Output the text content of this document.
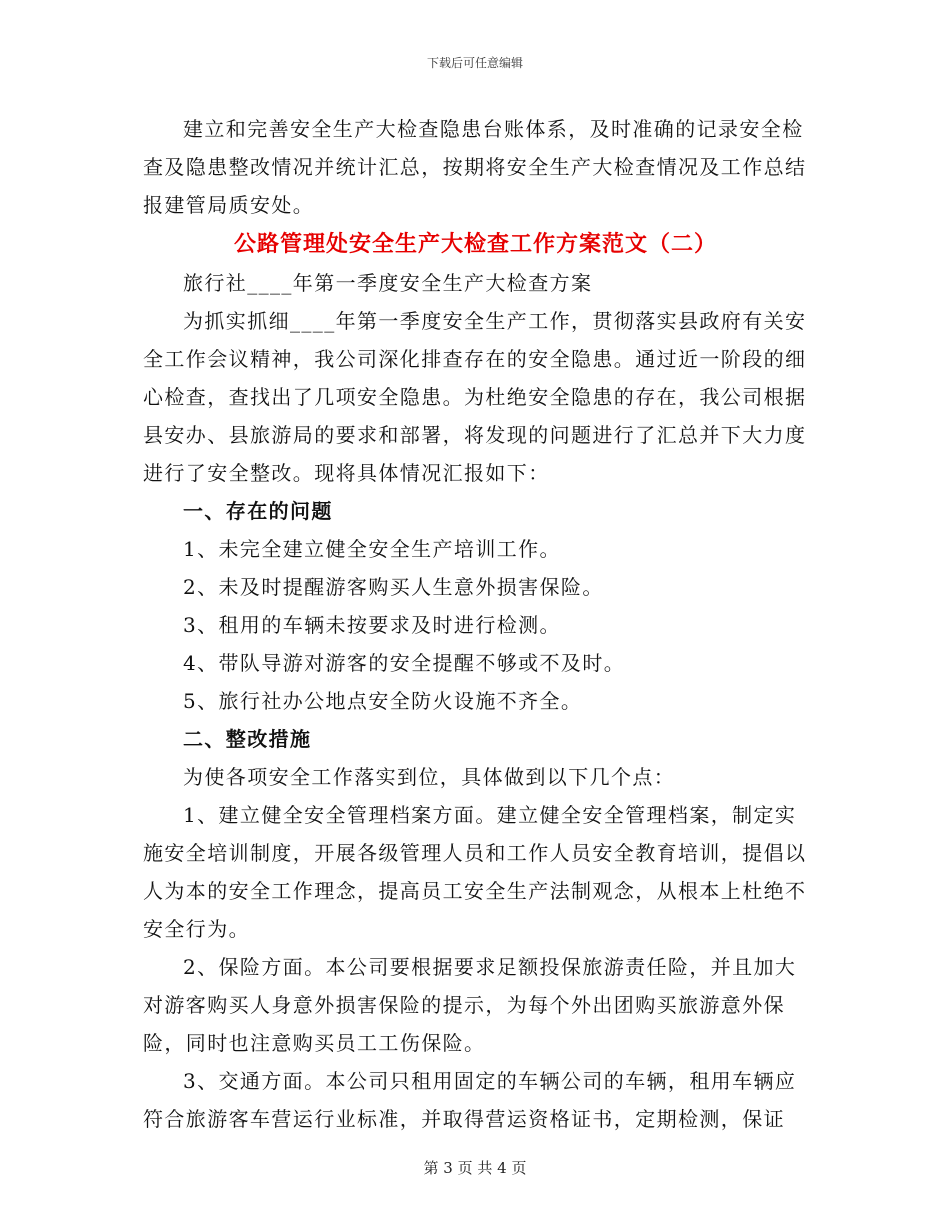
下载后可任意编辑

建立和完善安全生产大检查隐患台账体系，及时准确的记录安全检查及隐患整改情况并统计汇总，按期将安全生产大检查情况及工作总结报建管局质安处。

公路管理处安全生产大检查工作方案范文（二）

旅行社____年第一季度安全生产大检查方案

为抓实抓细____年第一季度安全生产工作，贯彻落实县政府有关安全工作会议精神，我公司深化排查存在的安全隐患。通过近一阶段的细心检查，查找出了几项安全隐患。为杜绝安全隐患的存在，我公司根据县安办、县旅游局的要求和部署，将发现的问题进行了汇总并下大力度进行了安全整改。现将具体情况汇报如下：

一、存在的问题

1、未完全建立健全安全生产培训工作。

2、未及时提醒游客购买人生意外损害保险。

3、租用的车辆未按要求及时进行检测。

4、带队导游对游客的安全提醒不够或不及时。

5、旅行社办公地点安全防火设施不齐全。

二、整改措施

为使各项安全工作落实到位，具体做到以下几个点：

1、建立健全安全管理档案方面。建立健全安全管理档案，制定实施安全培训制度，开展各级管理人员和工作人员安全教育培训，提倡以人为本的安全工作理念，提高员工安全生产法制观念，从根本上杜绝不安全行为。

2、保险方面。本公司要根据要求足额投保旅游责任险，并且加大对游客购买人身意外损害保险的提示，为每个外出团购买旅游意外保险，同时也注意购买员工工伤保险。

3、交通方面。本公司只租用固定的车辆公司的车辆，租用车辆应符合旅游客车营运行业标准，并取得营运资格证书，定期检测，保证

第 3 页 共 4 页
